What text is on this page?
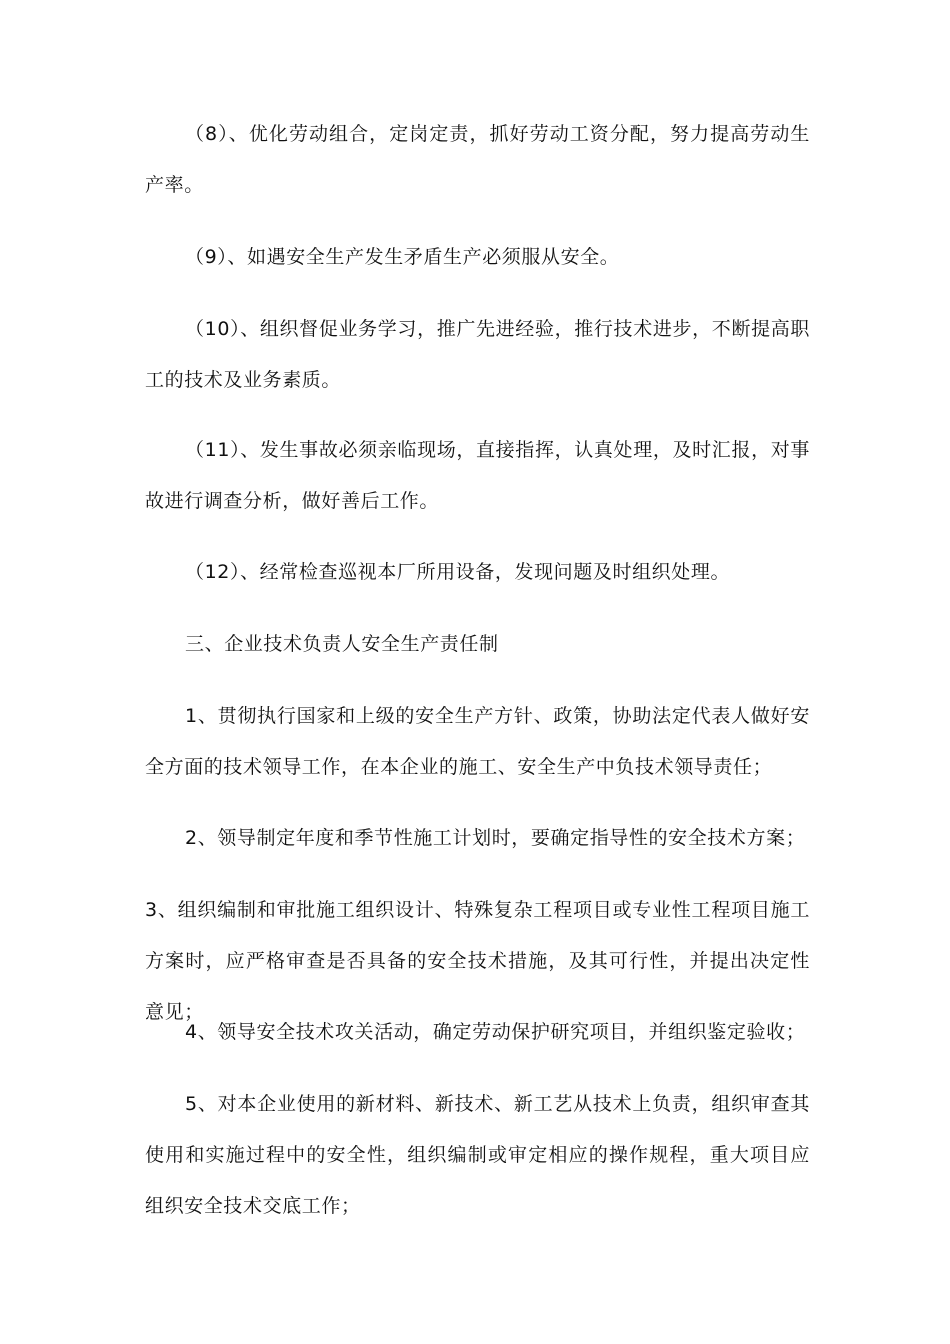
（8）、优化劳动组合，定岗定责，抓好劳动工资分配，努力提高劳动生产率。

（9）、如遇安全生产发生矛盾生产必须服从安全。

（10）、组织督促业务学习，推广先进经验，推行技术进步，不断提高职工的技术及业务素质。

（11）、发生事故必须亲临现场，直接指挥，认真处理，及时汇报，对事故进行调查分析，做好善后工作。

（12）、经常检查巡视本厂所用设备，发现问题及时组织处理。

三、企业技术负责人安全生产责任制

1、贯彻执行国家和上级的安全生产方针、政策，协助法定代表人做好安全方面的技术领导工作，在本企业的施工、安全生产中负技术领导责任；

2、领导制定年度和季节性施工计划时，要确定指导性的安全技术方案；

3、组织编制和审批施工组织设计、特殊复杂工程项目或专业性工程项目施工方案时，应严格审查是否具备的安全技术措施，及其可行性，并提出决定性意见；

4、领导安全技术攻关活动，确定劳动保护研究项目，并组织鉴定验收；

5、对本企业使用的新材料、新技术、新工艺从技术上负责，组织审查其使用和实施过程中的安全性，组织编制或审定相应的操作规程，重大项目应组织安全技术交底工作；
